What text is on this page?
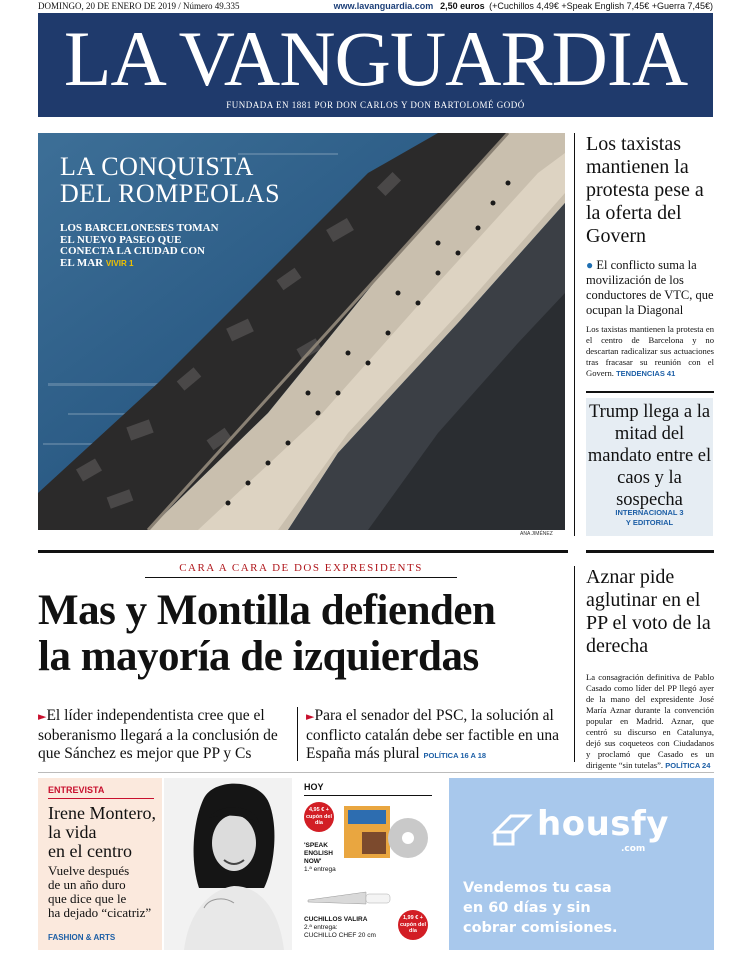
DOMINGO, 20 DE ENERO DE 2019 / Número 49.335	www.lavanguardia.com 2,50 euros (+Cuchillos 4,49€ +Speak English 7,45€ +Guerra 7,45€)
LA VANGUARDIA
FUNDADA EN 1881 POR DON CARLOS Y DON BARTOLOMÉ GODÓ
LA CONQUISTA
DEL ROMPEOLAS
LOS BARCELONESES TOMAN EL NUEVO PASEO QUE CONECTA LA CIUDAD CON EL MAR VIVIR 1
ANA JIMÉNEZ
Los taxistas mantienen la protesta pese a la oferta del Govern
● El conflicto suma la movilización de los conductores de VTC, que ocupan la Diagonal
Los taxistas mantienen la protesta en el centro de Barcelona y no descartan radicalizar sus actuaciones tras fracasar su reunión con el Govern. TENDENCIAS 41
Trump llega a la mitad del mandato entre el caos y la sospecha
INTERNACIONAL 3
Y EDITORIAL
CARA A CARA DE DOS EXPRESIDENTS
Mas y Montilla defienden
la mayoría de izquierdas
►El líder independentista cree que el soberanismo llegará a la conclusión de que Sánchez es mejor que PP y Cs
►Para el senador del PSC, la solución al conflicto catalán debe ser factible en una España más plural POLÍTICA 16 A 18
Aznar pide aglutinar en el PP el voto de la derecha
La consagración definitiva de Pablo Casado como líder del PP llegó ayer de la mano del expresidente José María Aznar durante la convención popular en Madrid. Aznar, que centró su discurso en Catalunya, dejó sus coqueteos con Ciudadanos y proclamó que Casado es un dirigente “sin tutelas”. POLÍTICA 24
ENTREVISTA
Irene Montero,
la vida
en el centro
Vuelve después
de un año duro
que dice que le
ha dejado “cicatriz”
FASHION & ARTS
HOY
4,95 € + cupón del día
'SPEAK
ENGLISH
NOW'
1.ª entrega
1,99 € + cupón del día
CUCHILLOS VALIRA
2.ª entrega:
CUCHILLO CHEF 20 cm
housfy
.com
Vendemos tu casa
en 60 días y sin
cobrar comisiones.
